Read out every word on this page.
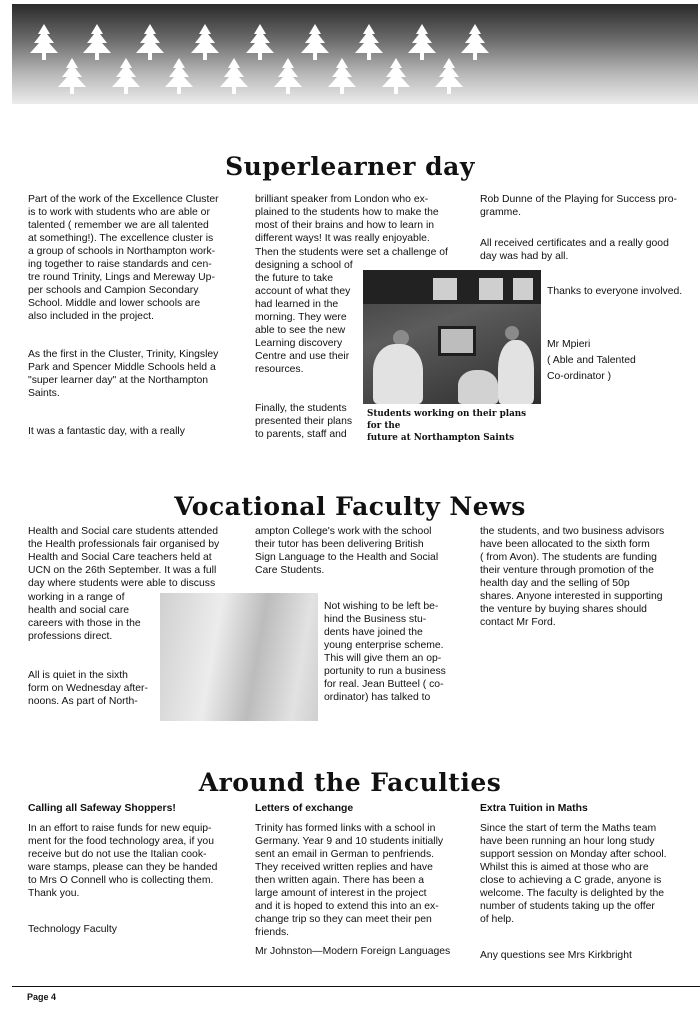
Superlearner day

Part of the work of the Excellence Cluster
is to work with students who are able or
talented ( remember we are all talented
at something!). The excellence cluster is
a group of schools in Northampton work-
ing together to raise standards and cen-
tre round Trinity, Lings and Mereway Up-
per schools and Campion Secondary
School. Middle and lower schools are
also included in the project.

As the first in the Cluster, Trinity, Kingsley
Park and Spencer Middle Schools held a
"super learner day" at the Northampton
Saints.

It was a fantastic day, with a really

brilliant speaker from London who ex-
plained to the students how to make the
most of their brains and how to learn in
different ways! It was really enjoyable.

Then the students were set a challenge of

designing a school of
the future to take
account of what they
had learned in the
morning. They were
able to see the new
Learning discovery
Centre and use their
resources.

Finally, the students
presented their plans
to parents, staff and

Students working on their plans for the
future at Northampton Saints

Rob Dunne of the Playing for Success pro-
gramme.

All received certificates and a really good
day was had by all.

Thanks to everyone involved.

Mr Mpieri
( Able and Talented
Co-ordinator )

Vocational Faculty News

Health and Social care students attended
the Health professionals fair organised by
Health and Social Care teachers held at
UCN on the 26th September. It was a full
day where students were able to discuss

working in a range of
health and social care
careers with those in the
professions direct.

All is quiet in the sixth
form on Wednesday after-
noons. As part of North-

ampton College's work with the school
their tutor has been delivering British
Sign Language to the Health and Social
Care Students.

Not wishing to be left be-
hind the Business stu-
dents have joined the
young enterprise scheme.
This will give them an op-
portunity to run a business
for real. Jean Butteel ( co-
ordinator) has talked to

the students, and two business advisors
have been allocated to the sixth form
( from Avon). The students are funding
their venture through promotion of the
health day and the selling of 50p
shares. Anyone interested in supporting
the venture by buying shares should
contact Mr Ford.

Around the Faculties

Calling all Safeway Shoppers!

In an effort to raise funds for new equip-
ment for the food technology area, if you
receive but do not use the Italian cook-
ware stamps, please can they be handed
to Mrs O Connell who is collecting them.
Thank you.

Technology Faculty

Letters of exchange

Trinity has formed links with a school in
Germany. Year 9 and 10 students initially
sent an email in German to penfriends.
They received written replies and have
then written again. There has been a
large amount of interest in the project
and it is hoped to extend this into an ex-
change trip so they can meet their pen
friends.

Mr Johnston—Modern Foreign Languages

Extra Tuition in Maths

Since the start of term the Maths team
have been running an hour long study
support session on Monday after school.
Whilst this is aimed at those who are
close to achieving a C grade, anyone is
welcome. The faculty is delighted by the
number of students taking up the offer
of help.

Any questions see Mrs Kirkbright

Page 4
